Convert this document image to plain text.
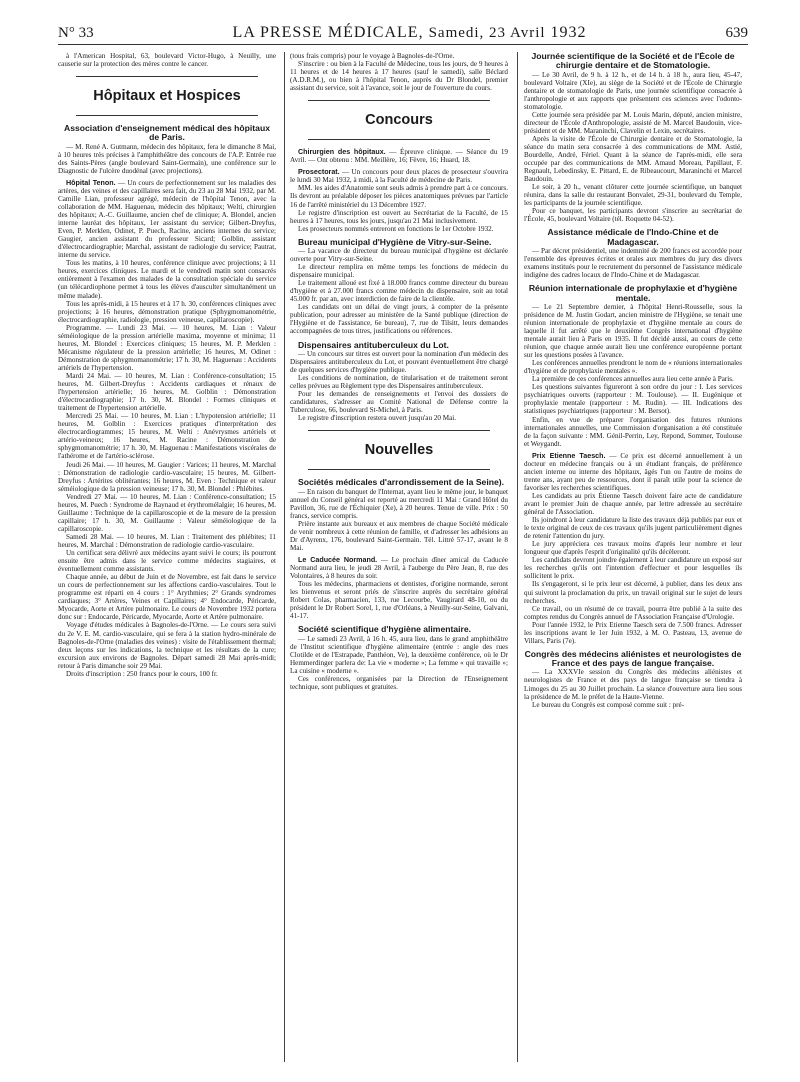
N° 33	LA PRESSE MÉDICALE, Samedi, 23 Avril 1932	639

à l'American Hospital, 63, boulevard Victor-Hugo, à Neuilly, une causerie sur la protection des mères contre le cancer.

Hôpitaux et Hospices
Association d'enseignement médical des hôpitaux de Paris.

— M. René A. Gutmann, médecin des hôpitaux, fera le dimanche 8 Mai, à 10 heures très précises à l'amphithéâtre des concours de l'A.P. Entrée rue des Saints-Pères (angle boulevard Saint-Germain), une conférence sur le Diagnostic de l'ulcère duodénal (avec projections).

Hôpital Tenon. — Un cours de perfectionnement sur les maladies des artères, des veines et des capillaires sera fait, du 23 au 28 Mai 1932, par M. Camille Lian, professeur agrégé, médecin de l'hôpital Tenon, avec la collaboration de MM. Haguenau, médecin des hôpitaux; Welti, chirurgien des hôpitaux; A.-C. Guillaume, ancien chef de clinique; A. Blondel, ancien interne lauréat des hôpitaux, 1er assistant du service; Gilbert-Dreyfus, Even, P. Merklen, Odinet, P. Puech, Racine, anciens internes du service; Gaugier, ancien assistant du professeur Sicard; Golblin, assistant d'électrocardiographie; Marchal, assistant de radiologie du service; Pautrat, interne du service.

Tous les matins, à 10 heures, conférence clinique avec projections; à 11 heures, exercices cliniques. Le mardi et le vendredi matin sont consacrés entièrement à l'examen des malades de la consultation spéciale du service (un télécardiophone permet à tous les élèves d'ausculter simultanément un même malade).

Tous les après-midi, à 15 heures et à 17 h. 30, conférences cliniques avec projections; à 16 heures, démonstration pratique (Sphygmomanométrie, électrocardiographie, radiologie, pression veineuse, capillaroscopie).

Programme. — Lundi 23 Mai. — 10 heures, M. Lian : Valeur séméiologique de la pression artérielle maxima, moyenne et minima; 11 heures, M. Blondel : Exercices cliniques; 15 heures, M. P. Merklen : Mécanisme régulateur de la pression artérielle; 16 heures, M. Odinet : Démonstration de sphygmomanométrie; 17 h. 30, M. Haguenau : Accidents artériels de l'hypertension.

Mardi 24 Mai. — 10 heures, M. Lian : Conférence-consultation; 15 heures, M. Gilbert-Dreyfus : Accidents cardiaques et rénaux de l'hypertension artérielle; 16 heures, M. Golblin : Démonstration d'électrocardiographie; 17 h. 30, M. Blondel : Formes cliniques et traitement de l'hypertension artérielle.

Mercredi 25 Mai. — 10 heures, M. Lian : L'hypotension artérielle; 11 heures, M. Golblin : Exercices pratiques d'interprétation des électrocardiogrammes; 15 heures, M. Welti : Anévrysmes artériels et artério-veineux; 16 heures, M. Racine : Démonstration de sphygmomanométrie; 17 h. 30, M. Haguenau : Manifestations viscérales de l'athérome et de l'artério-sclérose.

Jeudi 26 Mai. — 10 heures, M. Gaugier : Varices; 11 heures, M. Marchal : Démonstration de radiologie cardio-vasculaire; 15 heures, M. Gilbert-Dreyfus : Artérites oblitérantes; 16 heures, M. Even : Technique et valeur séméiologique de la pression veineuse; 17 h. 30, M. Blondel : Phlébites.

Vendredi 27 Mai. — 10 heures, M. Lian : Conférence-consultation; 15 heures, M. Puech : Syndrome de Raynaud et érythromélalgie; 16 heures, M. Guillaume : Technique de la capillaroscopie et de la mesure de la pression capillaire; 17 h. 30, M. Guillaume : Valeur séméiologique de la capillaroscopie.

Samedi 28 Mai. — 10 heures, M. Lian : Traitement des phlébites; 11 heures, M. Marchal : Démonstration de radiologie cardio-vasculaire.

Un certificat sera délivré aux médecins ayant suivi le cours; ils pourront ensuite être admis dans le service comme médecins stagiaires, et éventuellement comme assistants.

Chaque année, au début de Juin et de Novembre, est fait dans le service un cours de perfectionnement sur les affections cardio-vasculaires. Tout le programme est réparti en 4 cours : 1° Arythmies; 2° Grands syndromes cardiaques; 3° Artères, Veines et Capillaires; 4° Endocarde, Péricarde, Myocarde, Aorte et Artère pulmonaire. Le cours de Novembre 1932 portera donc sur : Endocarde, Péricarde, Myocarde, Aorte et Artère pulmonaire.

Voyage d'études médicales à Bagnoles-de-l'Orne. — Le cours sera suivi du 2e V. E. M. cardio-vasculaire, qui se fera à la station hydro-minérale de Bagnoles-de-l'Orne (maladies des veines) : visite de l'établissement thermal; deux leçons sur les indications, la technique et les résultats de la cure; excursion aux environs de Bagnoles. Départ samedi 28 Mai après-midi; retour à Paris dimanche soir 29 Mai.

Droits d'inscription : 250 francs pour le cours, 100 fr.

(tous frais compris) pour le voyage à Bagnoles-de-l'Orne.

S'inscrire : ou bien à la Faculté de Médecine, tous les jours, de 9 heures à 11 heures et de 14 heures à 17 heures (sauf le samedi), salle Béclard (A.D.R.M.), ou bien à l'hôpital Tenon, auprès du Dr Blondel, premier assistant du service, soit à l'avance, soit le jour de l'ouverture du cours.

Concours

Chirurgien des hôpitaux. — Épreuve clinique. — Séance du 19 Avril. — Ont obtenu : MM. Meillère, 16; Fèvre, 16; Huard, 18.

Prosectorat. — Un concours pour deux places de prosecteur s'ouvrira le lundi 30 Mai 1932, à midi, à la Faculté de médecine de Paris.

MM. les aides d'Anatomie sont seuls admis à prendre part à ce concours. Ils devront au préalable déposer les pièces anatomiques prévues par l'article 16 de l'arrêté ministériel du 13 Décembre 1927.

Le registre d'inscription est ouvert au Secrétariat de la Faculté, de 15 heures à 17 heures, tous les jours, jusqu'au 21 Mai inclusivement.

Les prosecteurs nommés entreront en fonctions le 1er Octobre 1932.

Bureau municipal d'Hygiène de Vitry-sur-Seine.

— La vacance de directeur du bureau municipal d'hygiène est déclarée ouverte pour Vitry-sur-Seine.

Le directeur remplira en même temps les fonctions de médecin du dispensaire municipal.

Le traitement alloué est fixé à 18.000 francs comme directeur du bureau d'hygiène et à 27.000 francs comme médecin du dispensaire, soit au total 45.000 fr. par an, avec interdiction de faire de la clientèle.

Les candidats ont un délai de vingt jours, à compter de la présente publication, pour adresser au ministère de la Santé publique (direction de l'Hygiène et de l'assistance, 6e bureau), 7, rue de Tilsitt, leurs demandes accompagnées de tous titres, justifications ou références.

Dispensaires antituberculeux du Lot.

— Un concours sur titres est ouvert pour la nomination d'un médecin des Dispensaires antituberculeux du Lot, et pouvant éventuellement être chargé de quelques services d'hygiène publique.

Les conditions de nomination, de titularisation et de traitement seront celles prévues au Règlement type des Dispensaires antituberculeux.

Pour les demandes de renseignements et l'envoi des dossiers de candidatures, s'adresser au Comité National de Défense contre la Tuberculose, 66, boulevard St-Michel, à Paris.

Le registre d'inscription restera ouvert jusqu'au 20 Mai.

Nouvelles
Sociétés médicales d'arrondissement de la Seine).

— En raison du banquet de l'Internat, ayant lieu le même jour, le banquet annuel du Conseil général est reporté au mercredi 11 Mai : Grand Hôtel du Pavillon, 36, rue de l'Échiquier (Xe), à 20 heures. Tenue de ville. Prix : 50 francs, service compris.

Prière instante aux bureaux et aux membres de chaque Société médicale de venir nombreux à cette réunion de famille, et d'adresser les adhésions au Dr d'Ayrenx, 176, boulevard Saint-Germain. Tél. Littré 57-17, avant le 8 Mai.

Le Caducée Normand. — Le prochain dîner amical du Caducée Normand aura lieu, le jeudi 28 Avril, à l'auberge du Père Jean, 8, rue des Volontaires, à 8 heures du soir.

Tous les médecins, pharmaciens et dentistes, d'origine normande, seront les bienvenus et seront priés de s'inscrire auprès du secrétaire général Robert Colas, pharmacien, 133, rue Lecourbe, Vaugirard 48-10, ou du président le Dr Robert Sorel, 1, rue d'Orléans, à Neuilly-sur-Seine, Galvani, 41-17.

Société scientifique d'hygiène alimentaire.

— Le samedi 23 Avril, à 16 h. 45, aura lieu, dans le grand amphithéâtre de l'Institut scientifique d'hygiène alimentaire (entrée : angle des rues Clotilde et de l'Estrapade, Panthéon, Ve), la deuxième conférence, où le Dr Hemmerdinger parlera de: La vie « moderne »; La femme « qui travaille »; La cuisine « moderne ».

Ces conférences, organisées par la Direction de l'Enseignement technique, sont publiques et gratuites.

Journée scientifique de la Société et de l'École de chirurgie dentaire et de Stomatologie.

— Le 30 Avril, de 9 h. à 12 h., et de 14 h. à 18 h., aura lieu, 45-47, boulevard Voltaire (XIe), au siège de la Société et de l'École de Chirurgie dentaire et de stomatologie de Paris, une journée scientifique consacrée à l'anthropologie et aux rapports que présentent ces sciences avec l'odonto-stomatologie.

Cette journée sera présidée par M. Louis Marin, député, ancien ministre, directeur de l'École d'Anthropologie, assisté de M. Marcel Baudouin, vice-président et de MM. Maraninchi, Clavelin et Lexin, secrétaires.

Après la visite de l'École de Chirurgie dentaire et de Stomatologie, la séance du matin sera consacrée à des communications de MM. Astié, Bourdelle, André, Fériel. Quant à la séance de l'après-midi, elle sera occupée par des communications de MM. Amaud Moreau, Papillaut, F. Regnault, Lebedinsky, E. Pittard, E. de Ribeaucourt, Maraninchi et Marcel Baudouin.

Le soir, à 20 h., venant clôturer cette journée scientifique, un banquet réunira, dans la salle du restaurant Bonvalet, 29-31, boulevard du Temple, les participants de la journée scientifique.

Pour ce banquet, les participants devront s'inscrire au secrétariat de l'École, 45, boulevard Voltaire (tél. Roquette 04-52).

Assistance médicale de l'Indo-Chine et de Madagascar.

— Par décret présidentiel, une indemnité de 200 francs est accordée pour l'ensemble des épreuves écrites et orales aux membres du jury des divers examens institués pour le recrutement du personnel de l'assistance médicale indigène des cadres locaux de l'Indo-Chine et de Madagascar.

Réunion internationale de prophylaxie et d'hygiène mentale.

— Le 21 Septembre dernier, à l'hôpital Henri-Rousselle, sous la présidence de M. Justin Godart, ancien ministre de l'Hygiène, se tenait une réunion internationale de prophylaxie et d'hygiène mentale au cours de laquelle il fut arrêté que le deuxième Congrès international d'hygiène mentale aurait lieu à Paris en 1935. Il fut décidé aussi, au cours de cette réunion, que chaque année aurait lieu une conférence européenne portant sur les questions posées à l'avance.

Les conférences annuelles prendront le nom de « réunions internationales d'hygiène et de prophylaxie mentales ».

La première de ces conférences annuelles aura lieu cette année à Paris.

Les questions suivantes figureront à son ordre du jour : I. Les services psychiatriques ouverts (rapporteur : M. Toulouse). — II. Eugénique et prophylaxie mentale (rapporteur : M. Rudin). — III. Indications des statistiques psychiatriques (rapporteur : M. Bersot).

Enfin, en vue de préparer l'organisation des futures réunions internationales annuelles, une Commission d'organisation a été constituée de la façon suivante : MM. Génil-Perrin, Ley, Repond, Sommer, Toulouse et Weygandt.

Prix Etienne Taesch. — Ce prix est décerné annuellement à un docteur en médecine français ou à un étudiant français, de préférence ancien interne ou interne des hôpitaux, âgés l'un ou l'autre de moins de trente ans, ayant peu de ressources, dont il paraît utile pour la science de favoriser les recherches scientifiques.

Les candidats au prix Étienne Taesch doivent faire acte de candidature avant le premier Juin de chaque année, par lettre adressée au secrétaire général de l'Association.

Ils joindront à leur candidature la liste des travaux déjà publiés par eux et le texte original de ceux de ces travaux qu'ils jugent particulièrement dignes de retenir l'attention du jury.

Le jury appréciera ces travaux moins d'après leur nombre et leur longueur que d'après l'esprit d'originalité qu'ils décèleront.

Les candidats devront joindre également à leur candidature un exposé sur les recherches qu'ils ont l'intention d'effectuer et pour lesquelles ils sollicitent le prix.

Ils s'engageront, si le prix leur est décerné, à publier, dans les deux ans qui suivront la proclamation du prix, un travail original sur le sujet de leurs recherches.

Ce travail, ou un résumé de ce travail, pourra être publié à la suite des comptes rendus du Congrès annuel de l'Association Française d'Urologie.

Pour l'année 1932, le Prix Etienne Taesch sera de 7.500 francs. Adresser les inscriptions avant le 1er Juin 1932, à M. O. Pasteau, 13, avenue de Villars, Paris (7e).

Congrès des médecins aliénistes et neurologistes de France et des pays de langue française.

— La XXXVIe session du Congrès des médecins aliénistes et neurologistes de France et des pays de langue française se tiendra à Limoges du 25 au 30 Juillet prochain. La séance d'ouverture aura lieu sous la présidence de M. le préfet de la Haute-Vienne.

Le bureau du Congrès est composé comme suit : pré-
